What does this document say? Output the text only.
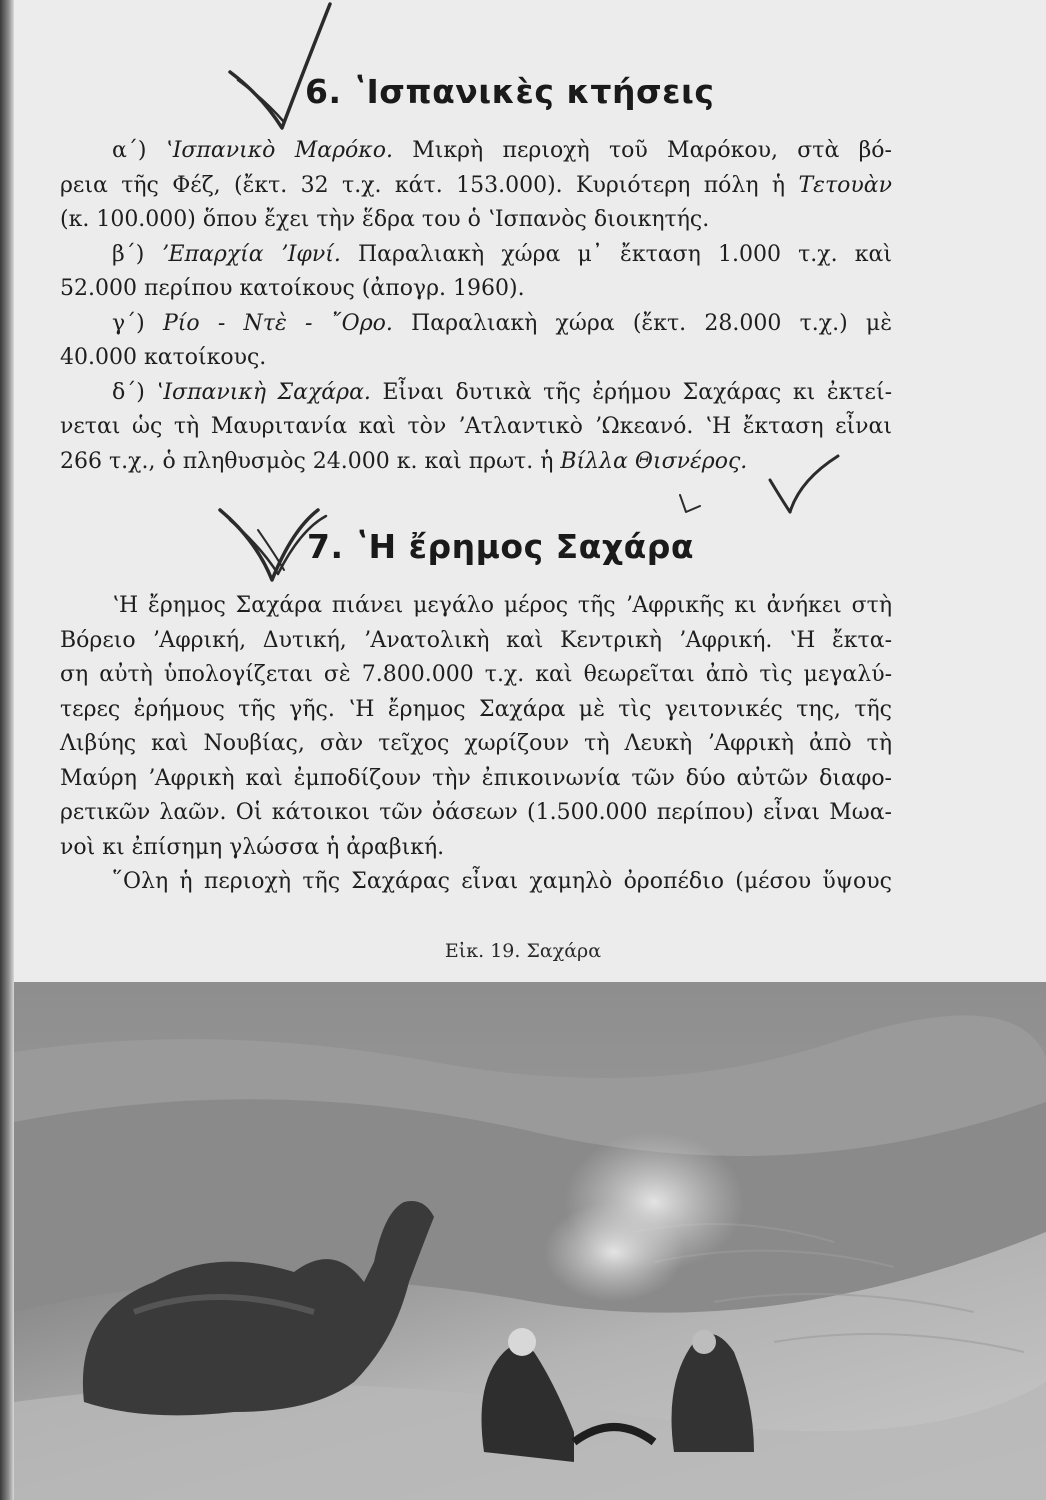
6. ʽΙσπανικὲς κτήσεις
α΄) ʽΙσπανικὸ Μαρόκο. Μικρὴ περιοχὴ τοῦ Μαρόκου, στὰ βό-
ρεια τῆς Φέζ, (ἔκτ. 32 τ.χ. κάτ. 153.000). Κυριότερη πόλη ἡ Τετουὰν
(κ. 100.000) ὅπου ἔχει τὴν ἕδρα του ὁ ʽΙσπανὸς διοικητής.
β΄) ʼΕπαρχία ʼΙφνί. Παραλιακὴ χώρα μ᾽ ἔκταση 1.000 τ.χ. καὶ
52.000 περίπου κατοίκους (ἀπογρ. 1960).
γ΄) Ρίο - Ντὲ - ῎Ορο. Παραλιακὴ χώρα (ἔκτ. 28.000 τ.χ.) μὲ
40.000 κατοίκους.
δ΄) ʽΙσπανικὴ Σαχάρα. Εἶναι δυτικὰ τῆς ἐρήμου Σαχάρας κι ἐκτεί-
νεται ὡς τὴ Μαυριτανία καὶ τὸν ʼΑτλαντικὸ ʼΩκεανό. ʽΗ ἔκταση εἶναι
266 τ.χ., ὁ πληθυσμὸς 24.000 κ. καὶ πρωτ. ἡ Βίλλα Θισνέρος.
7. ʽΗ ἔρημος Σαχάρα
ʽΗ ἔρημος Σαχάρα πιάνει μεγάλο μέρος τῆς ʼΑφρικῆς κι ἀνήκει στὴ
Βόρειο ʼΑφρική, Δυτική, ʼΑνατολικὴ καὶ Κεντρικὴ ʼΑφρική. ʽΗ ἔκτα-
ση αὐτὴ ὑπολογίζεται σὲ 7.800.000 τ.χ. καὶ θεωρεῖται ἀπὸ τὶς μεγαλύ-
τερες ἐρήμους τῆς γῆς. ʽΗ ἔρημος Σαχάρα μὲ τὶς γειτονικές της, τῆς
Λιβύης καὶ Νουβίας, σὰν τεῖχος χωρίζουν τὴ Λευκὴ ʼΑφρικὴ ἀπὸ τὴ
Μαύρη ʼΑφρικὴ καὶ ἐμποδίζουν τὴν ἐπικοινωνία τῶν δύο αὐτῶν διαφο-
ρετικῶν λαῶν. Οἱ κάτοικοι τῶν ὀάσεων (1.500.000 περίπου) εἶναι Μωα-
νοὶ κι ἐπίσημη γλώσσα ἡ ἀραβική.
῞Ολη ἡ περιοχὴ τῆς Σαχάρας εἶναι χαμηλὸ ὀροπέδιο (μέσου ὕψους

Εἰκ. 19. Σαχάρα
